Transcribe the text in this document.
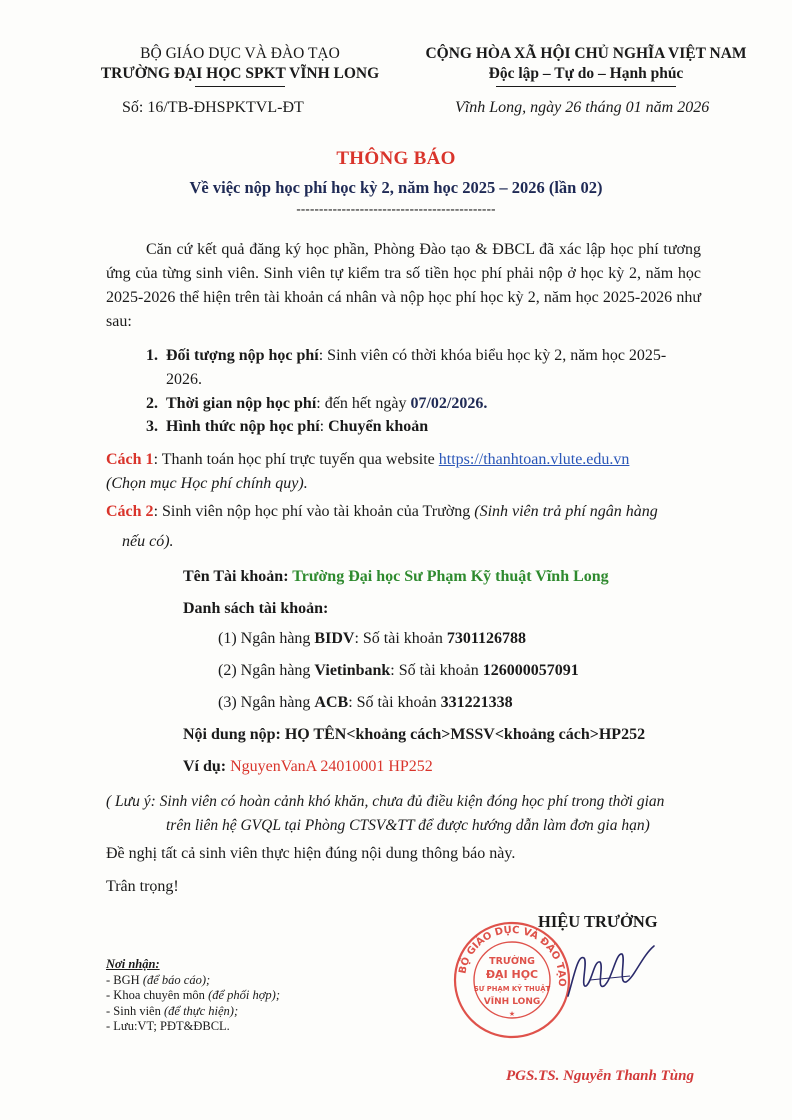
BỘ GIÁO DỤC VÀ ĐÀO TẠO
TRƯỜNG ĐẠI HỌC SPKT VĨNH LONG
CỘNG HÒA XÃ HỘI CHỦ NGHĨA VIỆT NAM
Độc lập – Tự do – Hạnh phúc
Số: 16/TB-ĐHSPKTVL-ĐT	Vĩnh Long, ngày 26 tháng 01 năm 2026
THÔNG BÁO
Về việc nộp học phí học kỳ 2, năm học 2025 – 2026 (lần 02)
--------------------------------------------
Căn cứ kết quả đăng ký học phần, Phòng Đào tạo & ĐBCL đã xác lập học phí tương ứng của từng sinh viên. Sinh viên tự kiểm tra số tiền học phí phải nộp ở học kỳ 2, năm học 2025-2026 thể hiện trên tài khoản cá nhân và nộp học phí học kỳ 2, năm học 2025-2026 như sau:
1. Đối tượng nộp học phí: Sinh viên có thời khóa biểu học kỳ 2, năm học 2025-
2026.
2. Thời gian nộp học phí: đến hết ngày 07/02/2026.
3. Hình thức nộp học phí: Chuyển khoản
Cách 1: Thanh toán học phí trực tuyến qua website https://thanhtoan.vlute.edu.vn
(Chọn mục Học phí chính quy).
Cách 2: Sinh viên nộp học phí vào tài khoản của Trường (Sinh viên trả phí ngân hàng
nếu có).
Tên Tài khoản: Trường Đại học Sư Phạm Kỹ thuật Vĩnh Long
Danh sách tài khoản:
(1) Ngân hàng BIDV: Số tài khoản 7301126788
(2) Ngân hàng Vietinbank: Số tài khoản 126000057091
(3) Ngân hàng ACB: Số tài khoản 331221338
Nội dung nộp: HỌ TÊN<khoảng cách>MSSV<khoảng cách>HP252
Ví dụ: NguyenVanA 24010001 HP252
( Lưu ý: Sinh viên có hoàn cảnh khó khăn, chưa đủ điều kiện đóng học phí trong thời gian
trên liên hệ GVQL tại Phòng CTSV&TT để được hướng dẫn làm đơn gia hạn)
Đề nghị tất cả sinh viên thực hiện đúng nội dung thông báo này.
Trân trọng!
BỘ GIÁO DỤC VÀ ĐÀO TẠO
TRƯỜNG
ĐẠI HỌC
SƯ PHẠM KỸ THUẬT
VĨNH LONG
★
HIỆU TRƯỞNG
PGS.TS. Nguyễn Thanh Tùng
Nơi nhận:
- BGH (để báo cáo);
- Khoa chuyên môn (để phối hợp);
- Sinh viên (để thực hiện);
- Lưu:VT; PĐT&ĐBCL.
